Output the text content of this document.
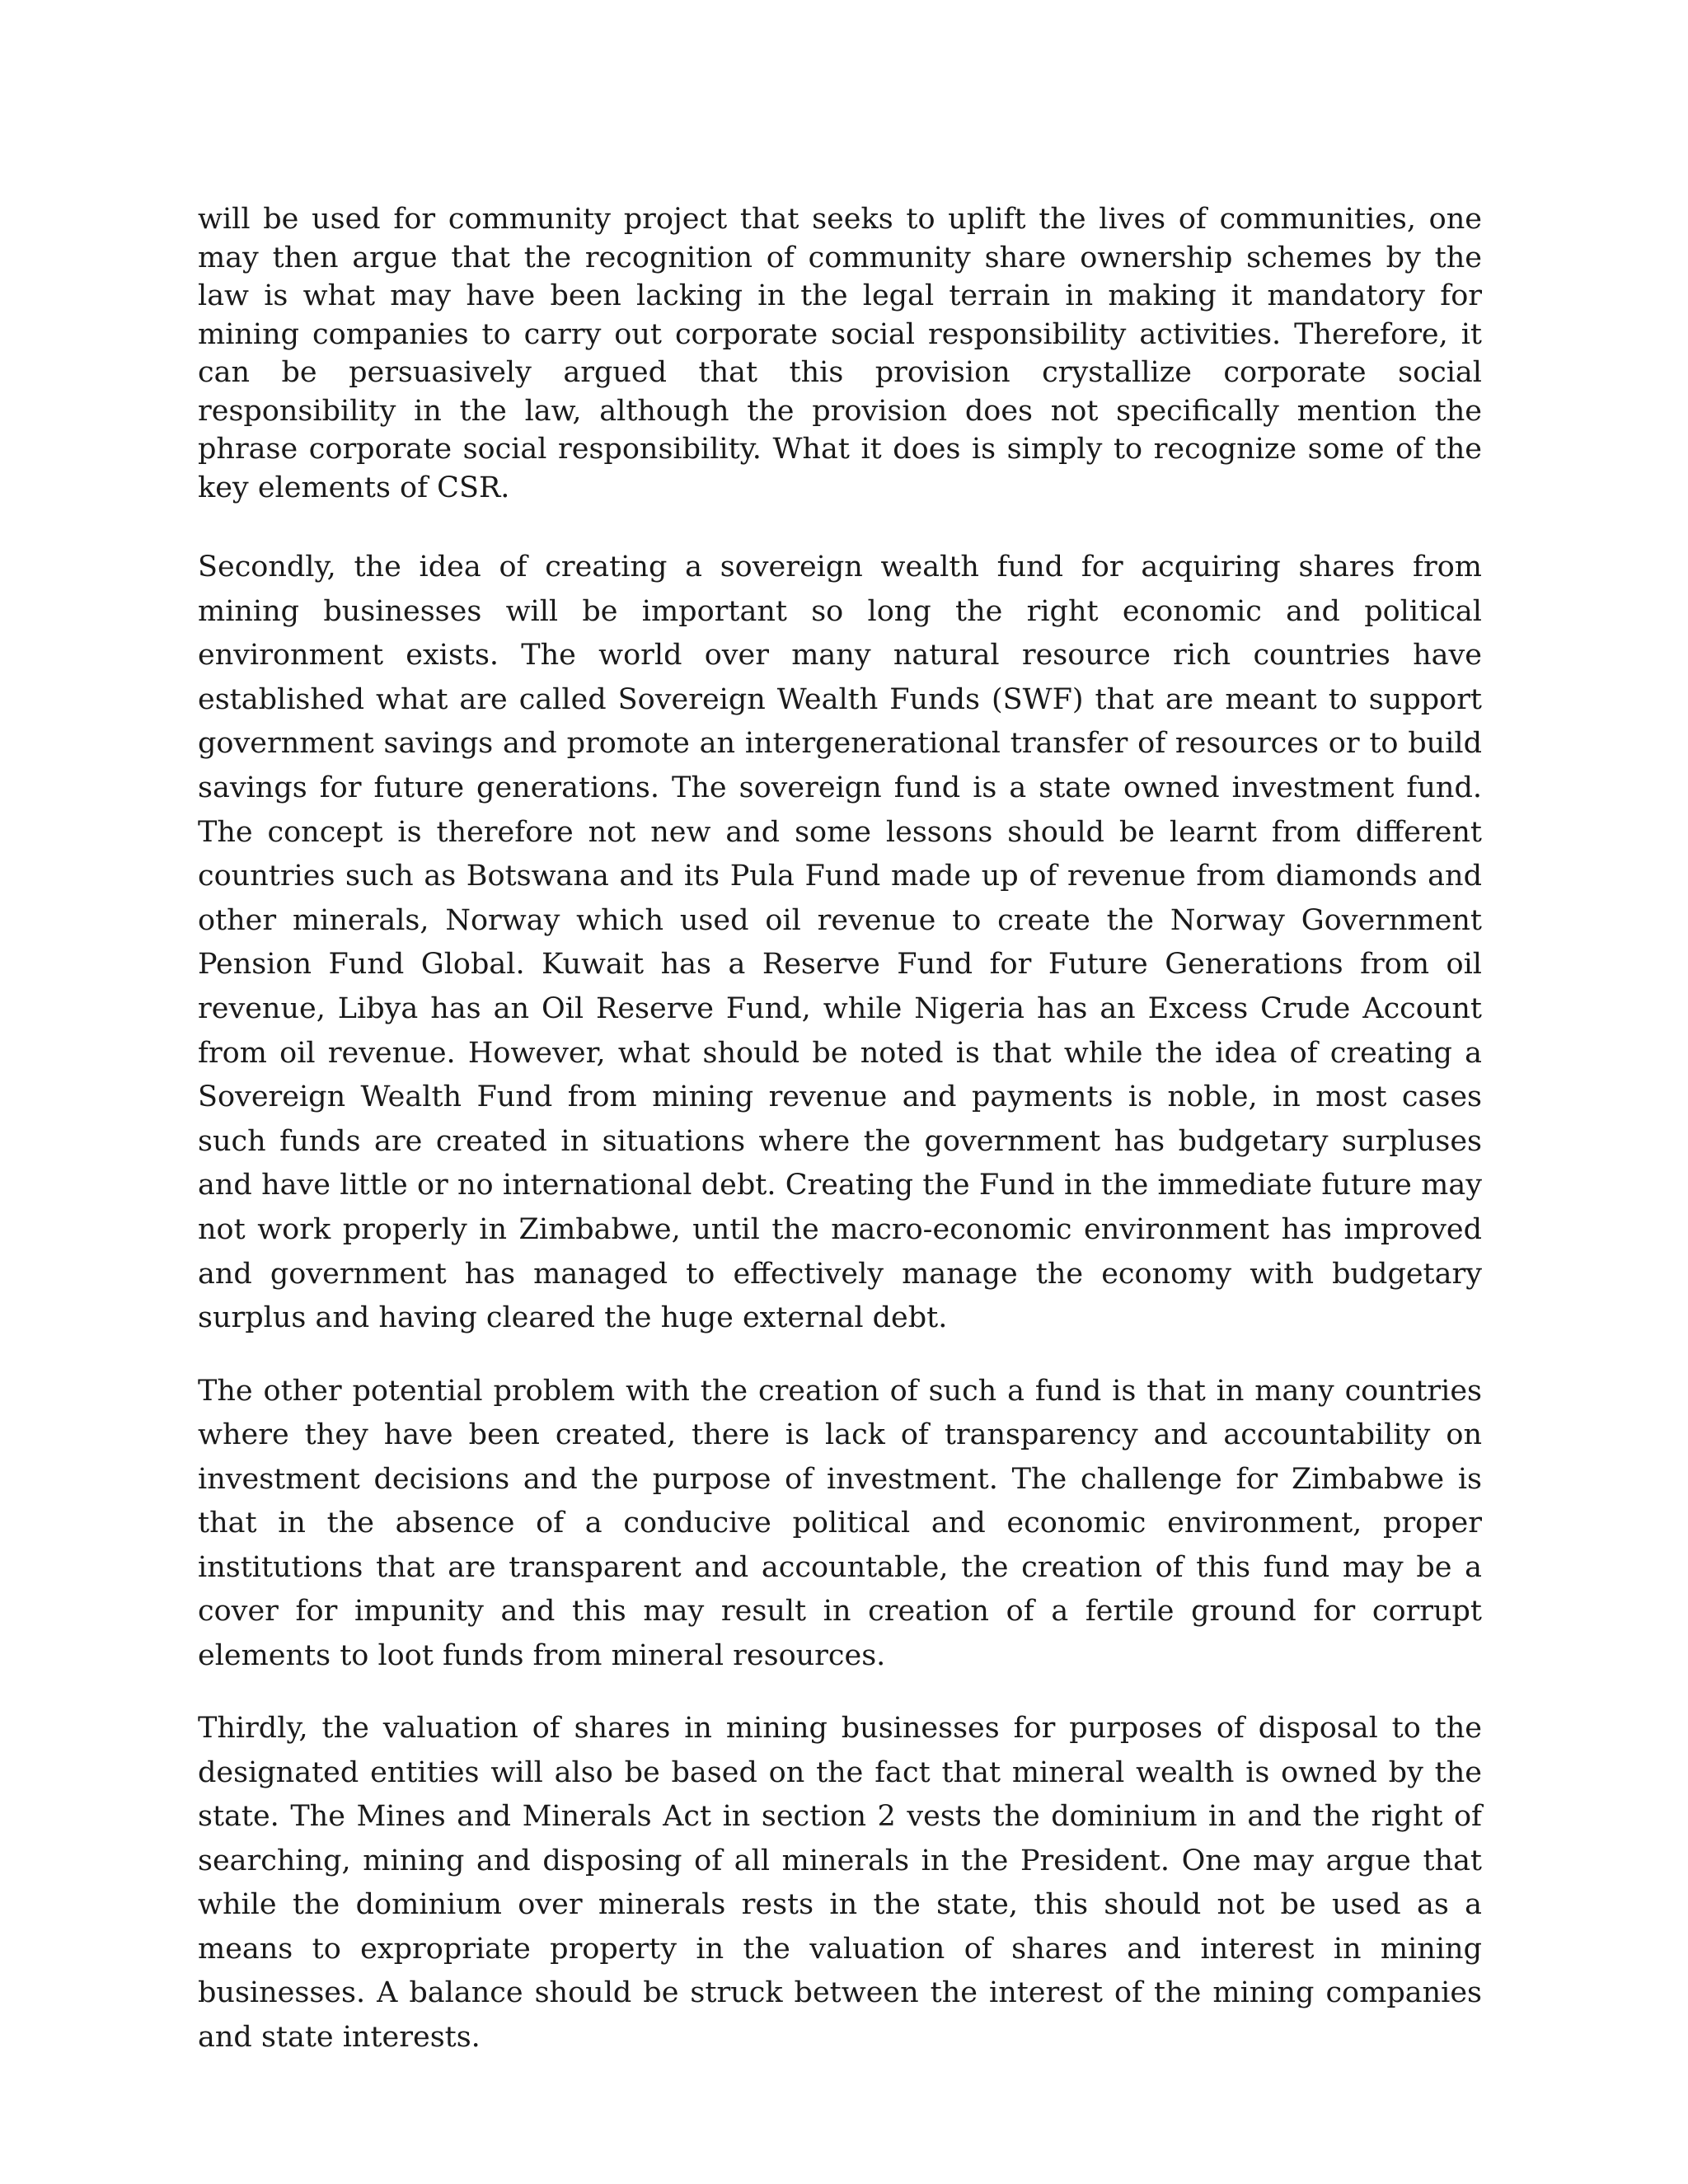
will be used for community project that seeks to uplift the lives of communities, one may then argue that the recognition of community share ownership schemes by the law is what may have been lacking in the legal terrain in making it mandatory for mining companies to carry out corporate social responsibility activities. Therefore, it can be persuasively argued that this provision crystallize corporate social responsibility in the law, although the provision does not specifically mention the phrase corporate social responsibility. What it does is simply to recognize some of the key elements of CSR.

Secondly, the idea of creating a sovereign wealth fund for acquiring shares from mining businesses will be important so long the right economic and political environment exists. The world over many natural resource rich countries have established what are called Sovereign Wealth Funds (SWF) that are meant to support government savings and promote an intergenerational transfer of resources or to build savings for future generations. The sovereign fund is a state owned investment fund. The concept is therefore not new and some lessons should be learnt from different countries such as Botswana and its Pula Fund made up of revenue from diamonds and other minerals, Norway which used oil revenue to create the Norway Government Pension Fund Global. Kuwait has a Reserve Fund for Future Generations from oil revenue, Libya has an Oil Reserve Fund, while Nigeria has an Excess Crude Account from oil revenue. However, what should be noted is that while the idea of creating a Sovereign Wealth Fund from mining revenue and payments is noble, in most cases such funds are created in situations where the government has budgetary surpluses and have little or no international debt. Creating the Fund in the immediate future may not work properly in Zimbabwe, until the macro-economic environment has improved and government has managed to effectively manage the economy with budgetary surplus and having cleared the huge external debt.

The other potential problem with the creation of such a fund is that in many countries where they have been created, there is lack of transparency and accountability on investment decisions and the purpose of investment. The challenge for Zimbabwe is that in the absence of a conducive political and economic environment, proper institutions that are transparent and accountable, the creation of this fund may be a cover for impunity and this may result in creation of a fertile ground for corrupt elements to loot funds from mineral resources.

Thirdly, the valuation of shares in mining businesses for purposes of disposal to the designated entities will also be based on the fact that mineral wealth is owned by the state. The Mines and Minerals Act in section 2 vests the dominium in and the right of searching, mining and disposing of all minerals in the President. One may argue that while the dominium over minerals rests in the state, this should not be used as a means to expropriate property in the valuation of shares and interest in mining businesses. A balance should be struck between the interest of the mining companies and state interests.
